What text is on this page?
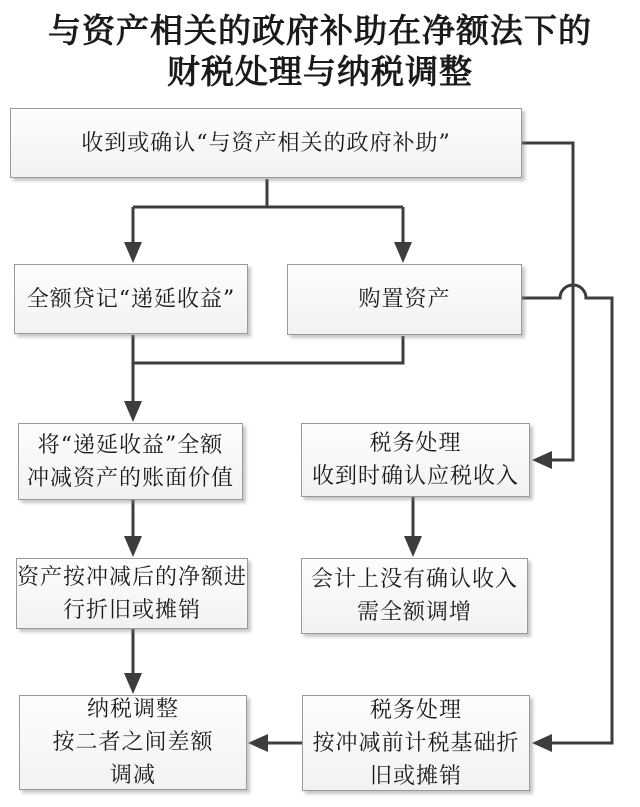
与资产相关的政府补助在净额法下的
财税处理与纳税调整
收到或确认“与资产相关的政府补助”
全额贷记“递延收益”	购置资产
将“递延收益”全额
冲减资产的账面价值
税务处理
收到时确认应税收入
资产按冲减后的净额进
行折旧或摊销
会计上没有确认收入
需全额调增
纳税调整
按二者之间差额
调减
税务处理
按冲减前计税基础折
旧或摊销
